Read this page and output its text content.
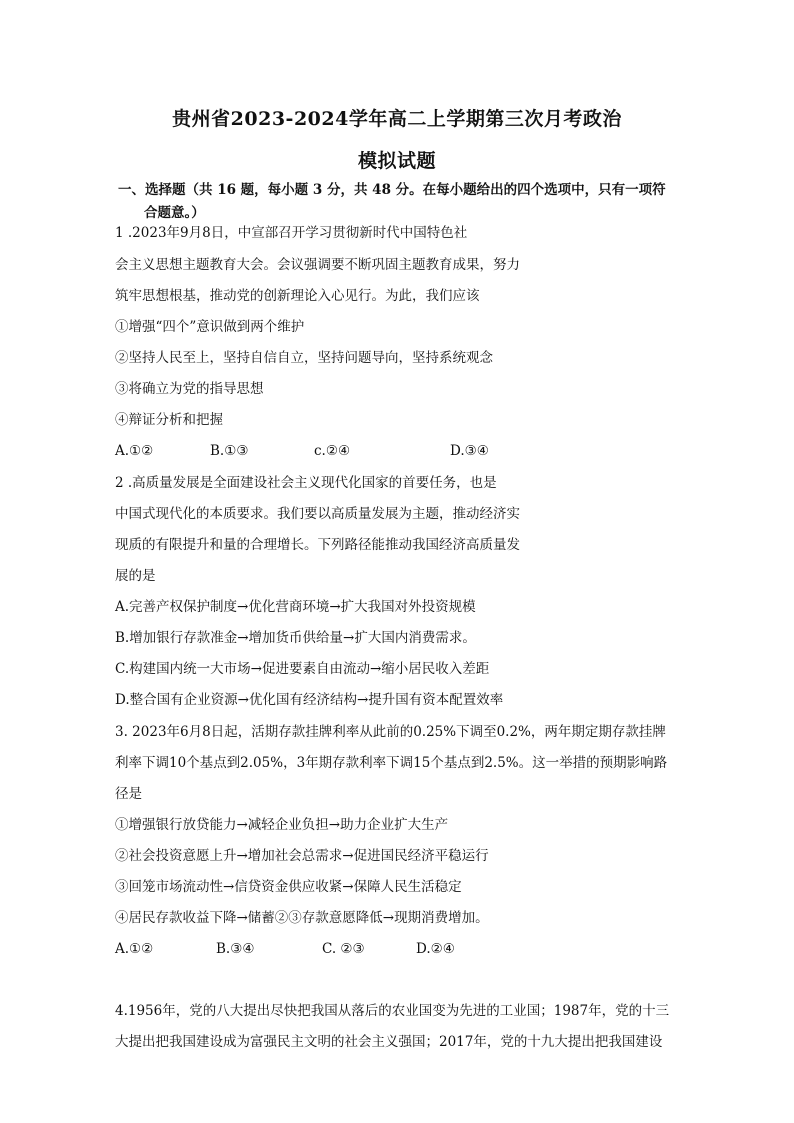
贵州省2023-2024学年高二上学期第三次月考政治
模拟试题
一、选择题（共 16 题，每小题 3 分，共 48 分。在每小题给出的四个选项中，只有一项符
合题意。）
1 .2023年9月8日，中宣部召开学习贯彻新时代中国特色社
会主义思想主题教育大会。会议强调要不断巩固主题教育成果，努力
筑牢思想根基，推动党的创新理论入心见行。为此，我们应该
①增强“四个”意识做到两个维护
②坚持人民至上，坚持自信自立，坚持问题导向，坚持系统观念
③将确立为党的指导思想
④辩证分析和把握
A.①②	B.①③	c.②④	D.③④
2 .高质量发展是全面建设社会主义现代化国家的首要任务，也是
中国式现代化的本质要求。我们要以高质量发展为主题，推动经济实
现质的有限提升和量的合理增长。下列路径能推动我国经济高质量发
展的是
A.完善产权保护制度→优化营商环境→扩大我国对外投资规模
B.增加银行存款准金→增加货币供给量→扩大国内消费需求。
C.构建国内统一大市场→促进要素自由流动→缩小居民收入差距
D.整合国有企业资源→优化国有经济结构→提升国有资本配置效率
3. 2023年6月8日起，活期存款挂牌利率从此前的0.25%下调至0.2%，两年期定期存款挂牌
利率下调10个基点到2.05%，3年期存款利率下调15个基点到2.5%。这一举措的预期影响路
径是
①增强银行放贷能力→减轻企业负担→助力企业扩大生产
②社会投资意愿上升→增加社会总需求→促进国民经济平稳运行
③回笼市场流动性→信贷资金供应收紧→保障人民生活稳定
④居民存款收益下降→储蓄②③存款意愿降低→现期消费增加。
A.①②	B.③④	C. ②③	D.②④
4.1956年，党的八大提出尽快把我国从落后的农业国变为先进的工业国；1987年，党的十三
大提出把我国建设成为富强民主文明的社会主义强国；2017年，党的十九大提出把我国建设
